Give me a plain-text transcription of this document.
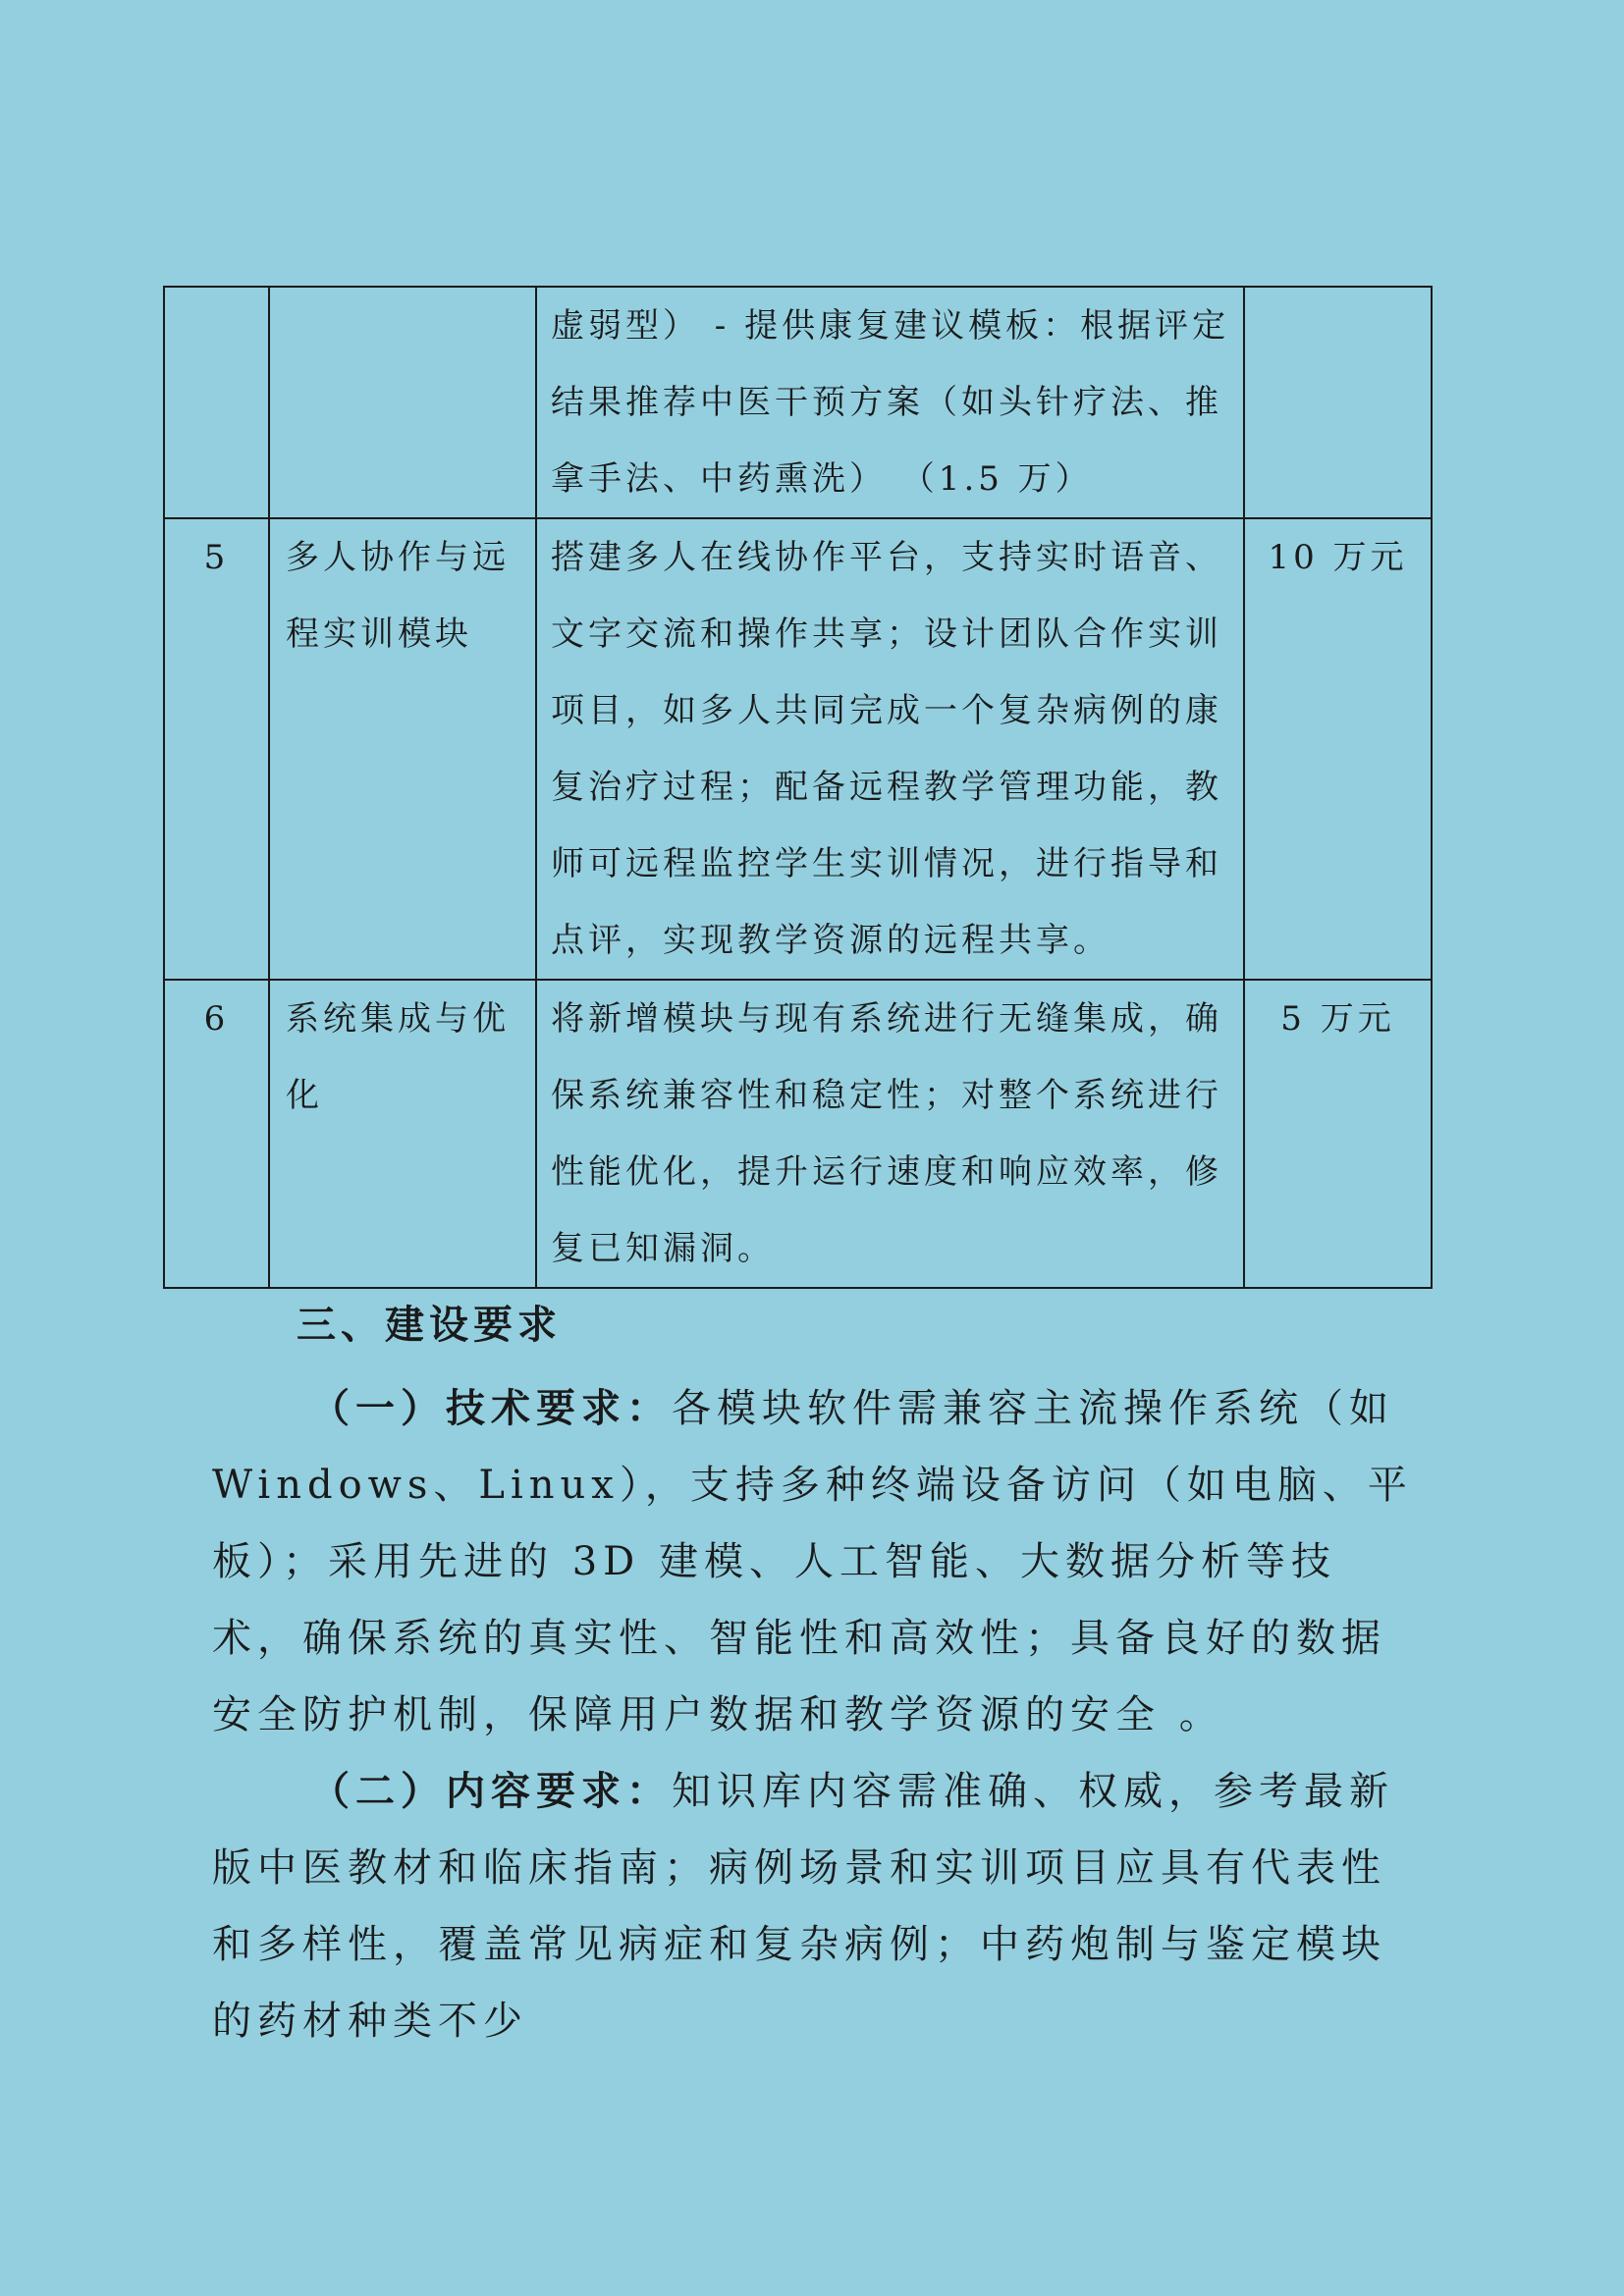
		虚弱型） - 提供康复建议模板：根据评定结果推荐中医干预方案（如头针疗法、推拿手法、中药熏洗） （1.5 万）	

5	多人协作与远程实训模块	搭建多人在线协作平台，支持实时语音、文字交流和操作共享；设计团队合作实训项目，如多人共同完成一个复杂病例的康复治疗过程；配备远程教学管理功能，教师可远程监控学生实训情况，进行指导和点评，实现教学资源的远程共享。	10 万元
6	系统集成与优化	将新增模块与现有系统进行无缝集成，确保系统兼容性和稳定性；对整个系统进行性能优化，提升运行速度和响应效率，修复已知漏洞。	5 万元
三、建设要求

（一）技术要求：各模块软件需兼容主流操作系统（如 Windows、Linux），支持多种终端设备访问（如电脑、平板）；采用先进的 3D 建模、人工智能、大数据分析等技术，确保系统的真实性、智能性和高效性；具备良好的数据安全防护机制，保障用户数据和教学资源的安全 。

（二）内容要求：知识库内容需准确、权威，参考最新版中医教材和临床指南；病例场景和实训项目应具有代表性和多样性，覆盖常见病症和复杂病例；中药炮制与鉴定模块的药材种类不少
